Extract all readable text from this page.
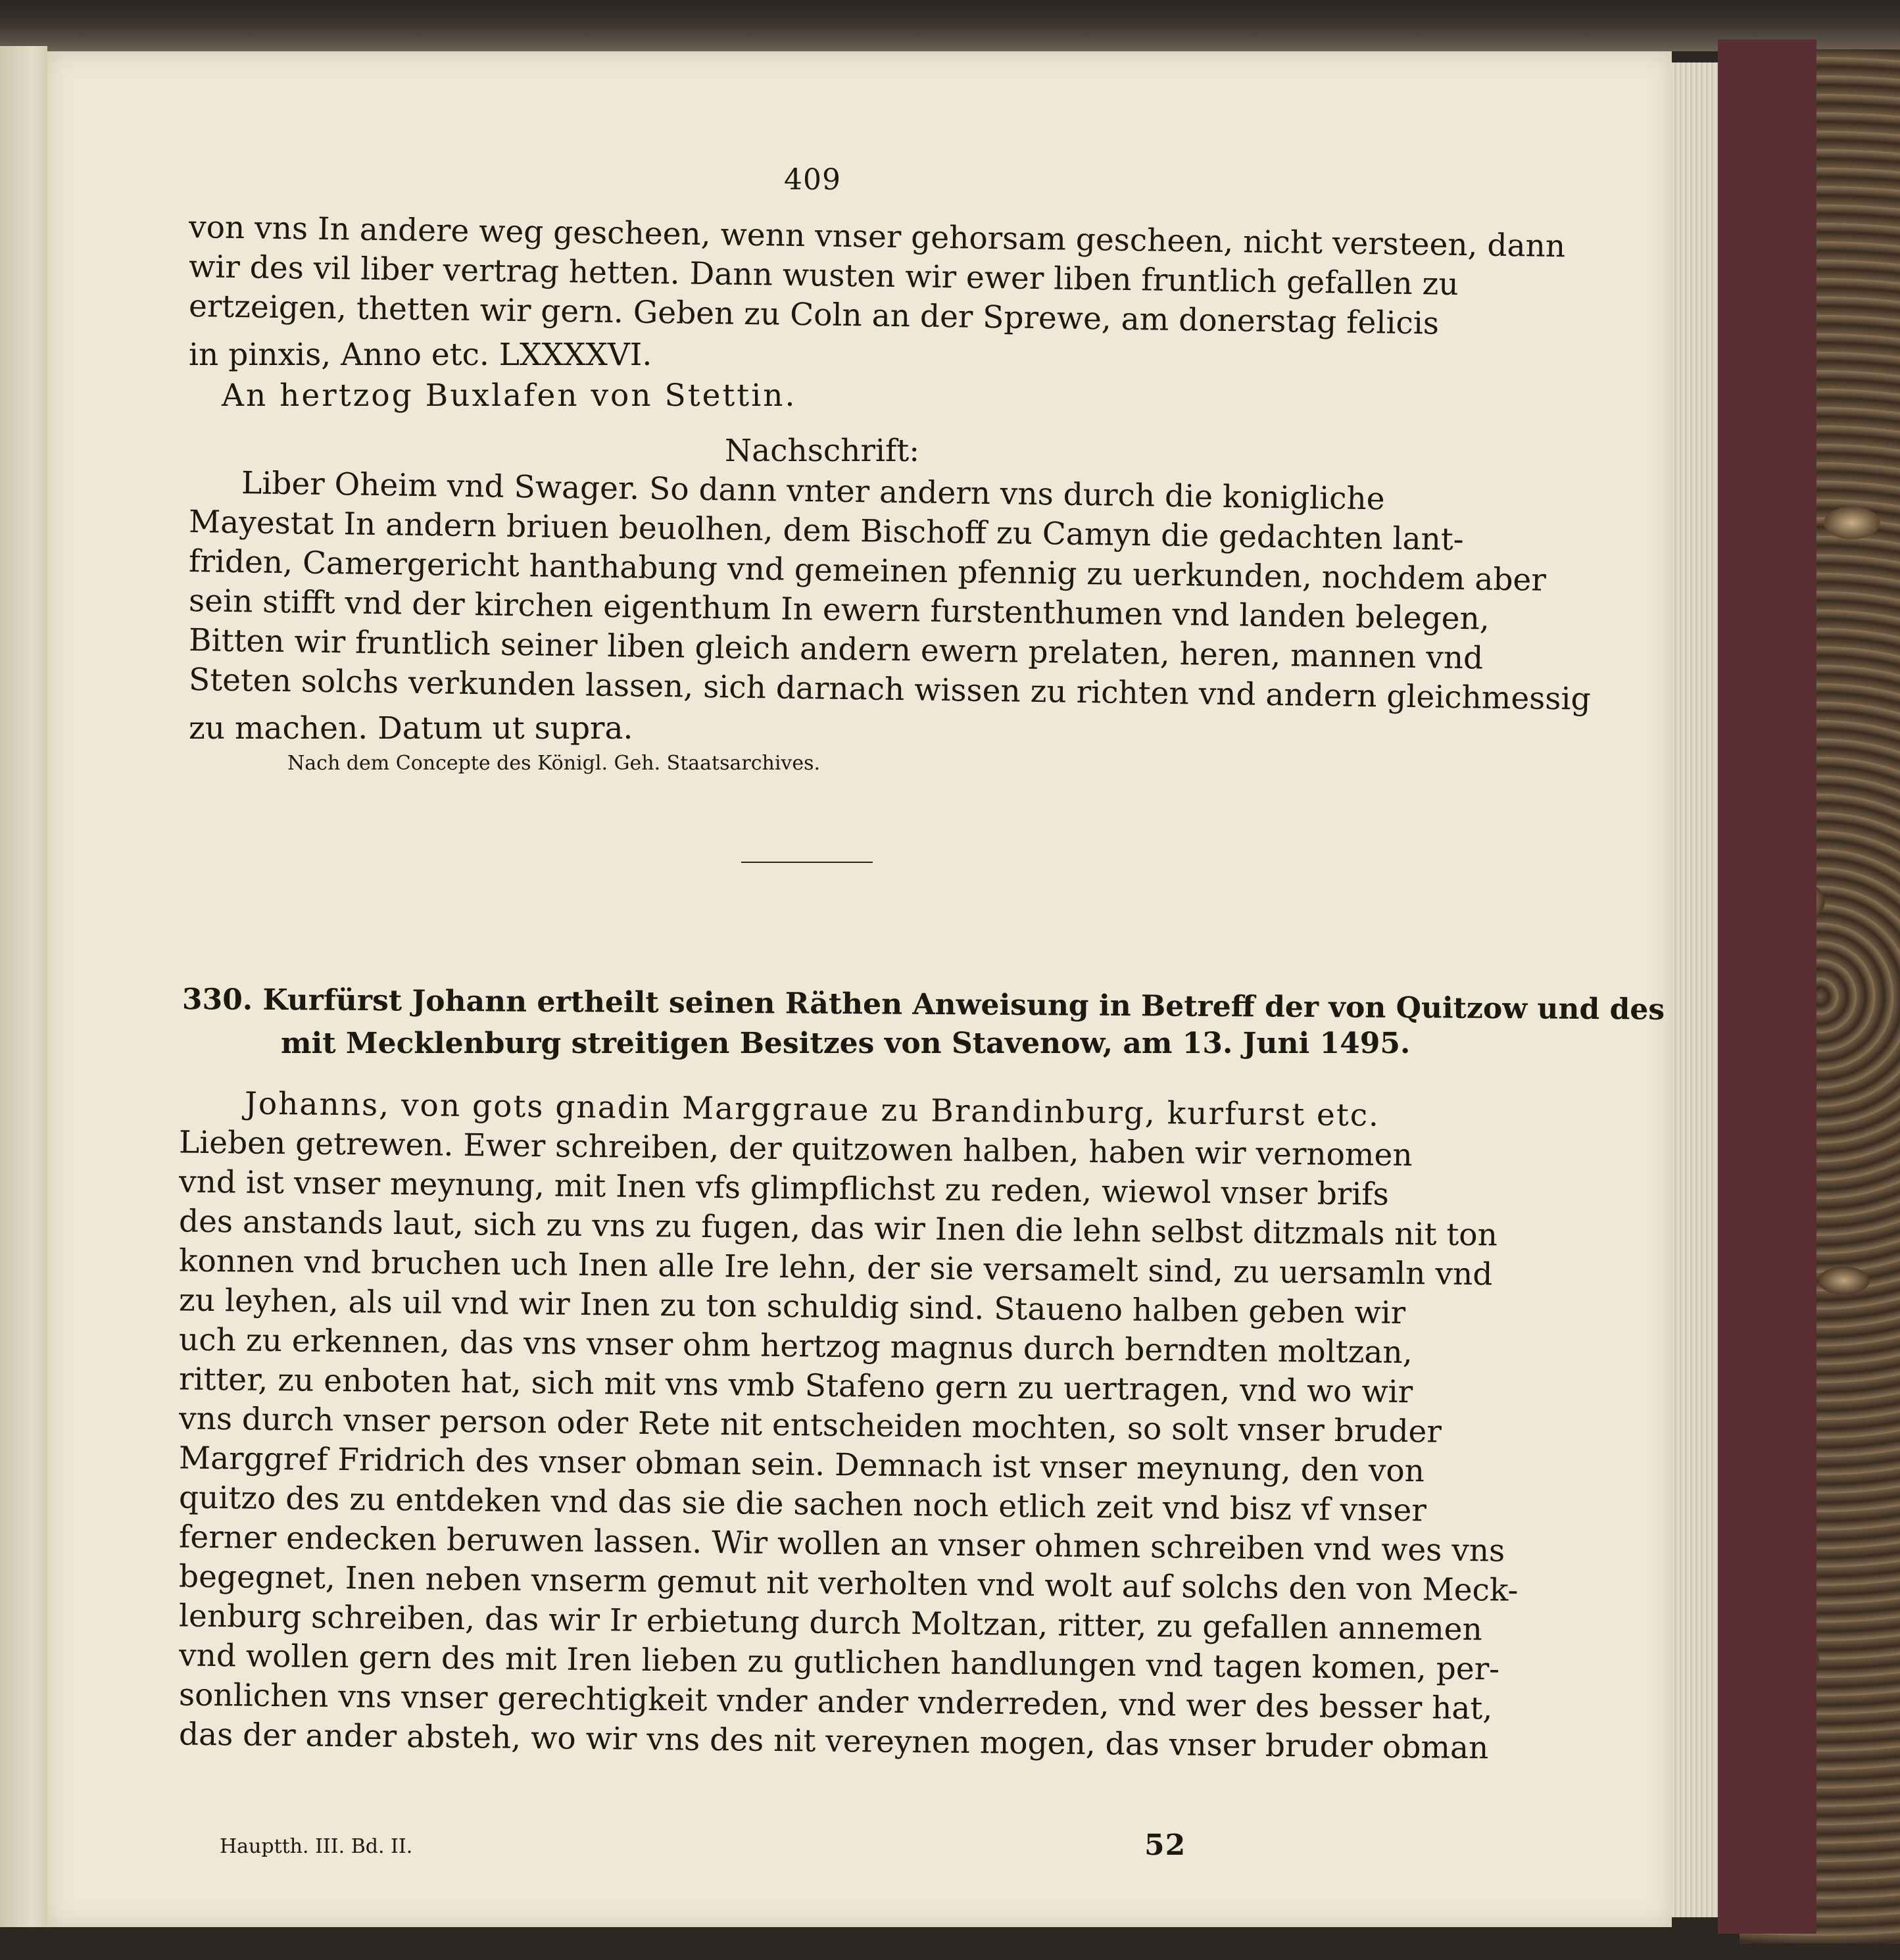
409
von vns In andere weg gescheen, wenn vnser gehorsam gescheen, nicht versteen, dann
wir des vil liber vertrag hetten. Dann wusten wir ewer liben fruntlich gefallen zu
ertzeigen, thetten wir gern. Geben zu Coln an der Sprewe, am donerstag felicis
in pinxis, Anno etc. LXXXXVI.
An hertzog Buxlafen von Stettin.
Nachschrift:
Liber Oheim vnd Swager. So dann vnter andern vns durch die konigliche
Mayestat In andern briuen beuolhen, dem Bischoff zu Camyn die gedachten lant-
friden, Camergericht hanthabung vnd gemeinen pfennig zu uerkunden, nochdem aber
sein stifft vnd der kirchen eigenthum In ewern furstenthumen vnd landen belegen,
Bitten wir fruntlich seiner liben gleich andern ewern prelaten, heren, mannen vnd
Steten solchs verkunden lassen, sich darnach wissen zu richten vnd andern gleichmessig
zu machen. Datum ut supra.
Nach dem Concepte des Königl. Geh. Staatsarchives.
330. Kurfürst Johann ertheilt seinen Räthen Anweisung in Betreff der von Quitzow und des
mit Mecklenburg streitigen Besitzes von Stavenow, am 13. Juni 1495.
Johanns, von gots gnadin Marggraue zu Brandinburg, kurfurst etc.
Lieben getrewen. Ewer schreiben, der quitzowen halben, haben wir vernomen
vnd ist vnser meynung, mit Inen vfs glimpflichst zu reden, wiewol vnser brifs
des anstands laut, sich zu vns zu fugen, das wir Inen die lehn selbst ditzmals nit ton
konnen vnd bruchen uch Inen alle Ire lehn, der sie versamelt sind, zu uersamln vnd
zu leyhen, als uil vnd wir Inen zu ton schuldig sind. Staueno halben geben wir
uch zu erkennen, das vns vnser ohm hertzog magnus durch berndten moltzan,
ritter, zu enboten hat, sich mit vns vmb Stafeno gern zu uertragen, vnd wo wir
vns durch vnser person oder Rete nit entscheiden mochten, so solt vnser bruder
Marggref Fridrich des vnser obman sein. Demnach ist vnser meynung, den von
quitzo des zu entdeken vnd das sie die sachen noch etlich zeit vnd bisz vf vnser
ferner endecken beruwen lassen. Wir wollen an vnser ohmen schreiben vnd wes vns
begegnet, Inen neben vnserm gemut nit verholten vnd wolt auf solchs den von Meck-
lenburg schreiben, das wir Ir erbietung durch Moltzan, ritter, zu gefallen annemen
vnd wollen gern des mit Iren lieben zu gutlichen handlungen vnd tagen komen, per-
sonlichen vns vnser gerechtigkeit vnder ander vnderreden, vnd wer des besser hat,
das der ander absteh, wo wir vns des nit vereynen mogen, das vnser bruder obman
Hauptth. III. Bd. II.	52
